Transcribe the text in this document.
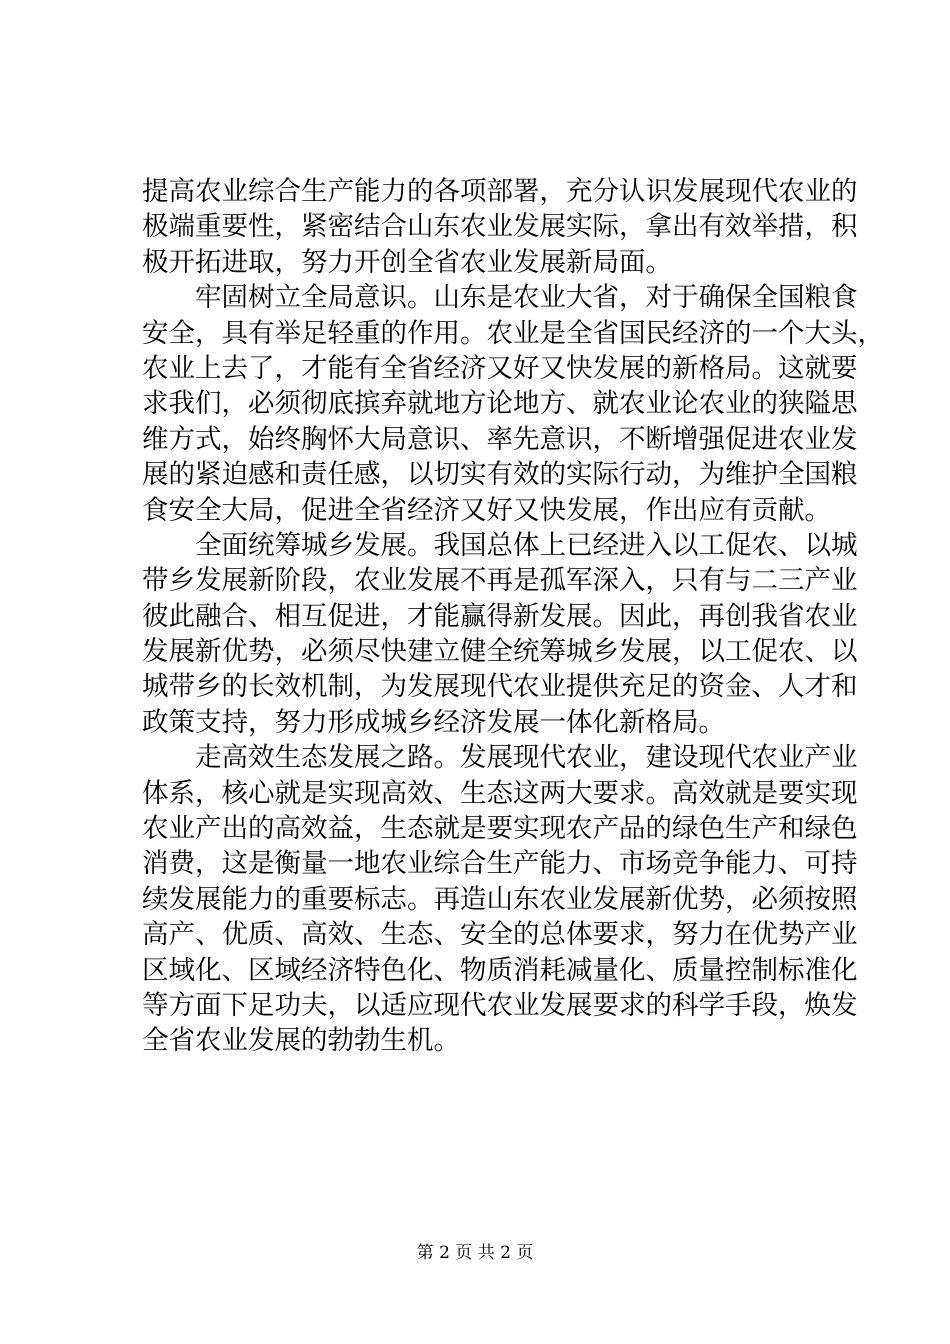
提高农业综合生产能力的各项部署，充分认识发展现代农业的
极端重要性，紧密结合山东农业发展实际，拿出有效举措，积
极开拓进取，努力开创全省农业发展新局面。
牢固树立全局意识。山东是农业大省，对于确保全国粮食
安全，具有举足轻重的作用。农业是全省国民经济的一个大头，
农业上去了，才能有全省经济又好又快发展的新格局。这就要
求我们，必须彻底摈弃就地方论地方、就农业论农业的狭隘思
维方式，始终胸怀大局意识、率先意识，不断增强促进农业发
展的紧迫感和责任感，以切实有效的实际行动，为维护全国粮
食安全大局，促进全省经济又好又快发展，作出应有贡献。
全面统筹城乡发展。我国总体上已经进入以工促农、以城
带乡发展新阶段，农业发展不再是孤军深入，只有与二三产业
彼此融合、相互促进，才能赢得新发展。因此，再创我省农业
发展新优势，必须尽快建立健全统筹城乡发展，以工促农、以
城带乡的长效机制，为发展现代农业提供充足的资金、人才和
政策支持，努力形成城乡经济发展一体化新格局。
走高效生态发展之路。发展现代农业，建设现代农业产业
体系，核心就是实现高效、生态这两大要求。高效就是要实现
农业产出的高效益，生态就是要实现农产品的绿色生产和绿色
消费，这是衡量一地农业综合生产能力、市场竞争能力、可持
续发展能力的重要标志。再造山东农业发展新优势，必须按照
高产、优质、高效、生态、安全的总体要求，努力在优势产业
区域化、区域经济特色化、物质消耗减量化、质量控制标准化
等方面下足功夫，以适应现代农业发展要求的科学手段，焕发
全省农业发展的勃勃生机。
第 2 页 共 2 页
